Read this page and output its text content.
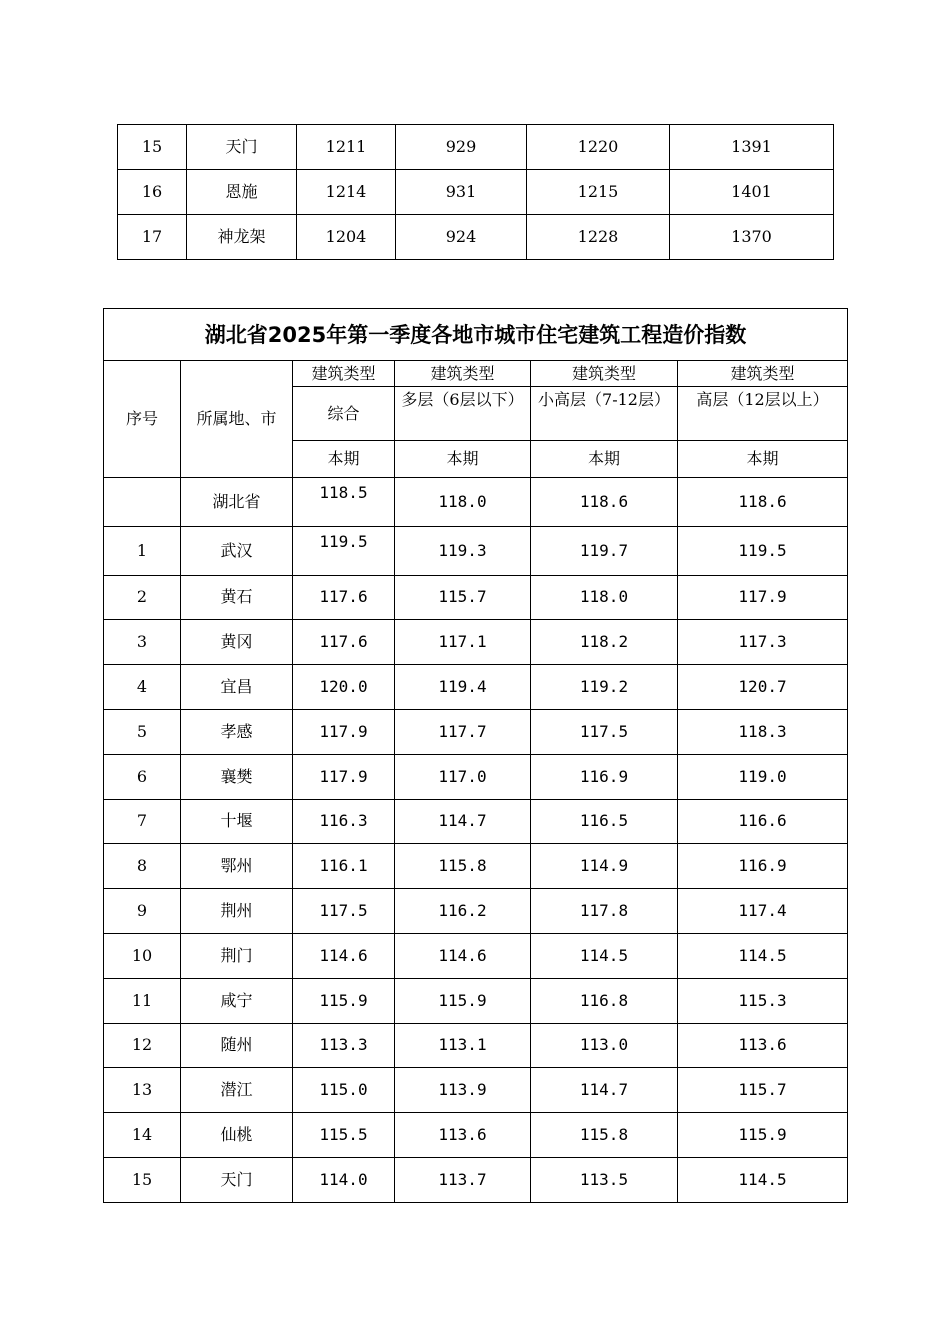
15	天门	1211	929	1220	1391
16	恩施	1214	931	1215	1401
17	神龙架	1204	924	1228	1370
湖北省2025年第一季度各地市城市住宅建筑工程造价指数					
序号	所属地、市	建筑类型	建筑类型	建筑类型	建筑类型
		综合	多层（6层以下）	小高层（7-12层）	高层（12层以上）
		本期	本期	本期	本期
	湖北省	118.5	118.0	118.6	118.6
1	武汉	119.5	119.3	119.7	119.5
2	黄石	117.6	115.7	118.0	117.9
3	黄冈	117.6	117.1	118.2	117.3
4	宜昌	120.0	119.4	119.2	120.7
5	孝感	117.9	117.7	117.5	118.3
6	襄樊	117.9	117.0	116.9	119.0
7	十堰	116.3	114.7	116.5	116.6
8	鄂州	116.1	115.8	114.9	116.9
9	荆州	117.5	116.2	117.8	117.4
10	荆门	114.6	114.6	114.5	114.5
11	咸宁	115.9	115.9	116.8	115.3
12	随州	113.3	113.1	113.0	113.6
13	潜江	115.0	113.9	114.7	115.7
14	仙桃	115.5	113.6	115.8	115.9
15	天门	114.0	113.7	113.5	114.5
